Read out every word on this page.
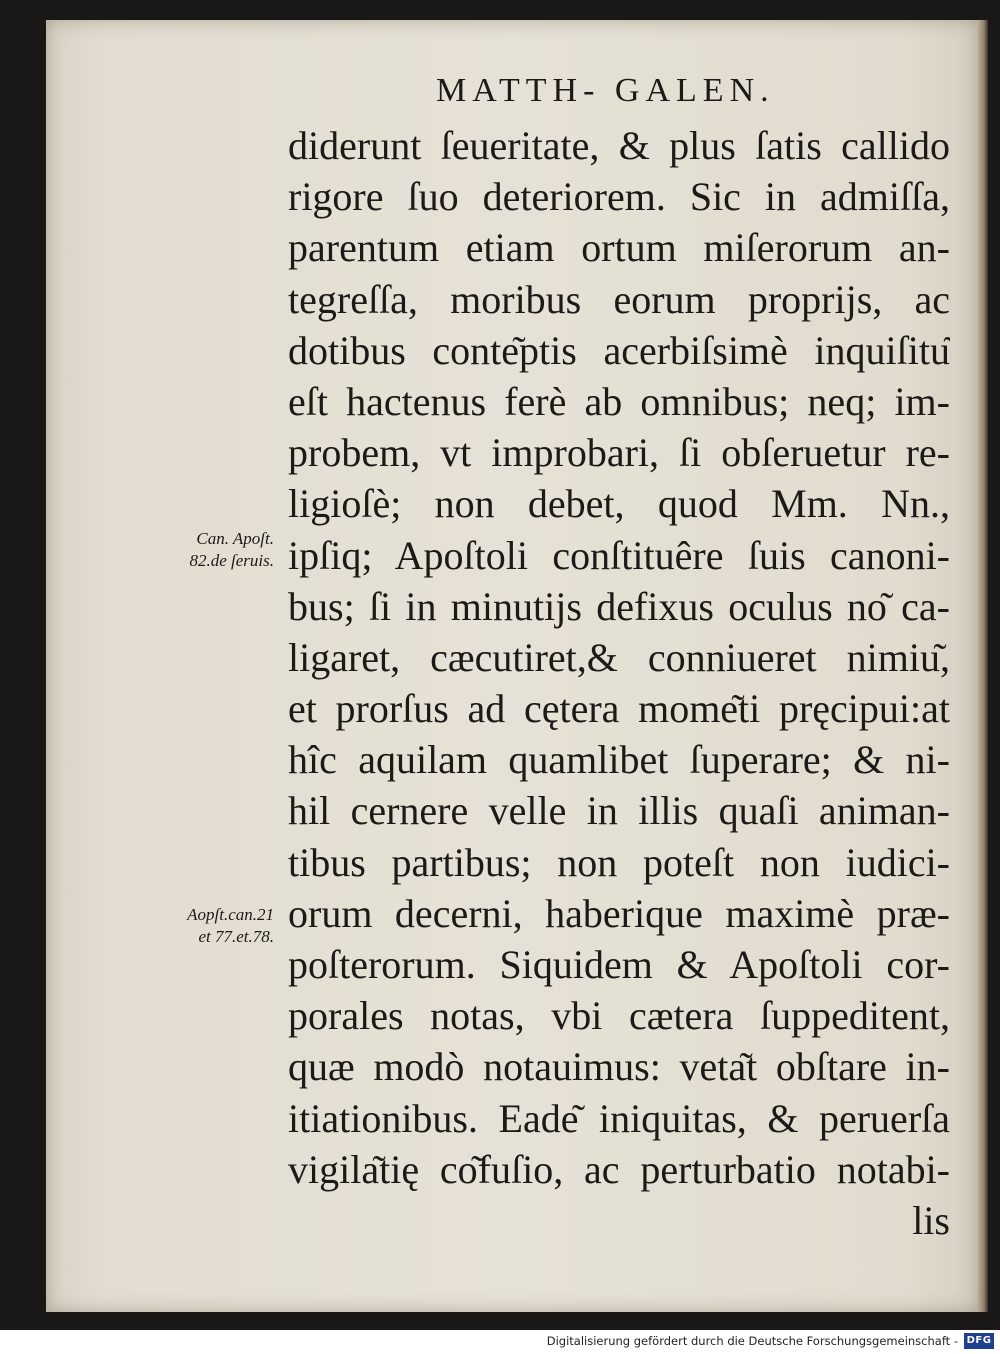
MATTH- GALEN.
Can. Apoſt.
82.de ſeruis.
Aopſt.can.21
et 77.et.78.
diderunt ſeueritate, & plus ſatis callido
rigore ſuo deteriorem. Sic in admiſſa,
parentum etiam ortum miſerorum an-
tegreſſa, moribus eorum proprijs, ac
dotibus conte͂ptis acerbiſsimè inquiſitu͂
eſt hactenus ferè ab omnibus; neq; im-
probem, vt improbari, ſi obſeruetur re-
ligioſè; non debet, quod Mm. Nn.,
ipſiq; Apoſtoli conſtituêre ſuis canoni-
bus; ſi in minutijs defixus oculus no͂ ca-
ligaret, cæcutiret,& conniueret nimiu͂,
et prorſus ad cętera mome͂ti pręcipui:at
hîc aquilam quamlibet ſuperare; & ni-
hil cernere velle in illis quaſi animan-
tibus partibus; non poteſt non iudici-
orum decerni, haberique maximè præ-
poſterorum. Siquidem & Apoſtoli cor-
porales notas, vbi cætera ſuppeditent,
quæ modò notauimus: veta͂t obſtare in-
itiationibus. Eade͂ iniquitas, & peruerſa
vigila͂tię co͂fuſio, ac perturbatio notabi-
lis
Digitalisierung gefördert durch die Deutsche Forschungsgemeinschaft - DFG
